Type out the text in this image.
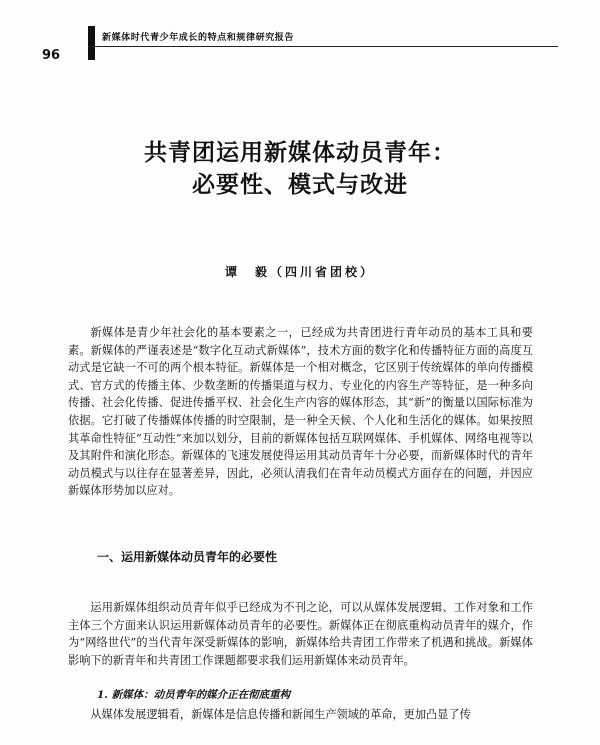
新媒体时代青少年成长的特点和规律研究报告
96
共青团运用新媒体动员青年：
必要性、模式与改进
谭　毅（四川省团校）

新媒体是青少年社会化的基本要素之一，已经成为共青团进行青年动员的基本工具和要素。新媒体的严谨表述是“数字化互动式新媒体”，技术方面的数字化和传播特征方面的高度互动式是它缺一不可的两个根本特征。新媒体是一个相对概念，它区别于传统媒体的单向传播模式、官方式的传播主体、少数垄断的传播渠道与权力、专业化的内容生产等特征，是一种多向传播、社会化传播、促进传播平权、社会化生产内容的媒体形态，其“新”的衡量以国际标准为依据。它打破了传播媒体传播的时空限制，是一种全天候、个人化和生活化的媒体。如果按照其革命性特征“互动性”来加以划分，目前的新媒体包括互联网媒体、手机媒体、网络电视等以及其附件和演化形态。新媒体的飞速发展使得运用其动员青年十分必要，而新媒体时代的青年动员模式与以往存在显著差异，因此，必须认清我们在青年动员模式方面存在的问题，并因应新媒体形势加以应对。

一、运用新媒体动员青年的必要性

运用新媒体组织动员青年似乎已经成为不刊之论，可以从媒体发展逻辑、工作对象和工作主体三个方面来认识运用新媒体动员青年的必要性。新媒体正在彻底重构动员青年的媒介，作为“网络世代”的当代青年深受新媒体的影响，新媒体给共青团工作带来了机遇和挑战。新媒体影响下的新青年和共青团工作课题都要求我们运用新媒体来动员青年。

1. 新媒体：动员青年的媒介正在彻底重构

从媒体发展逻辑看，新媒体是信息传播和新闻生产领域的革命，更加凸显了传
